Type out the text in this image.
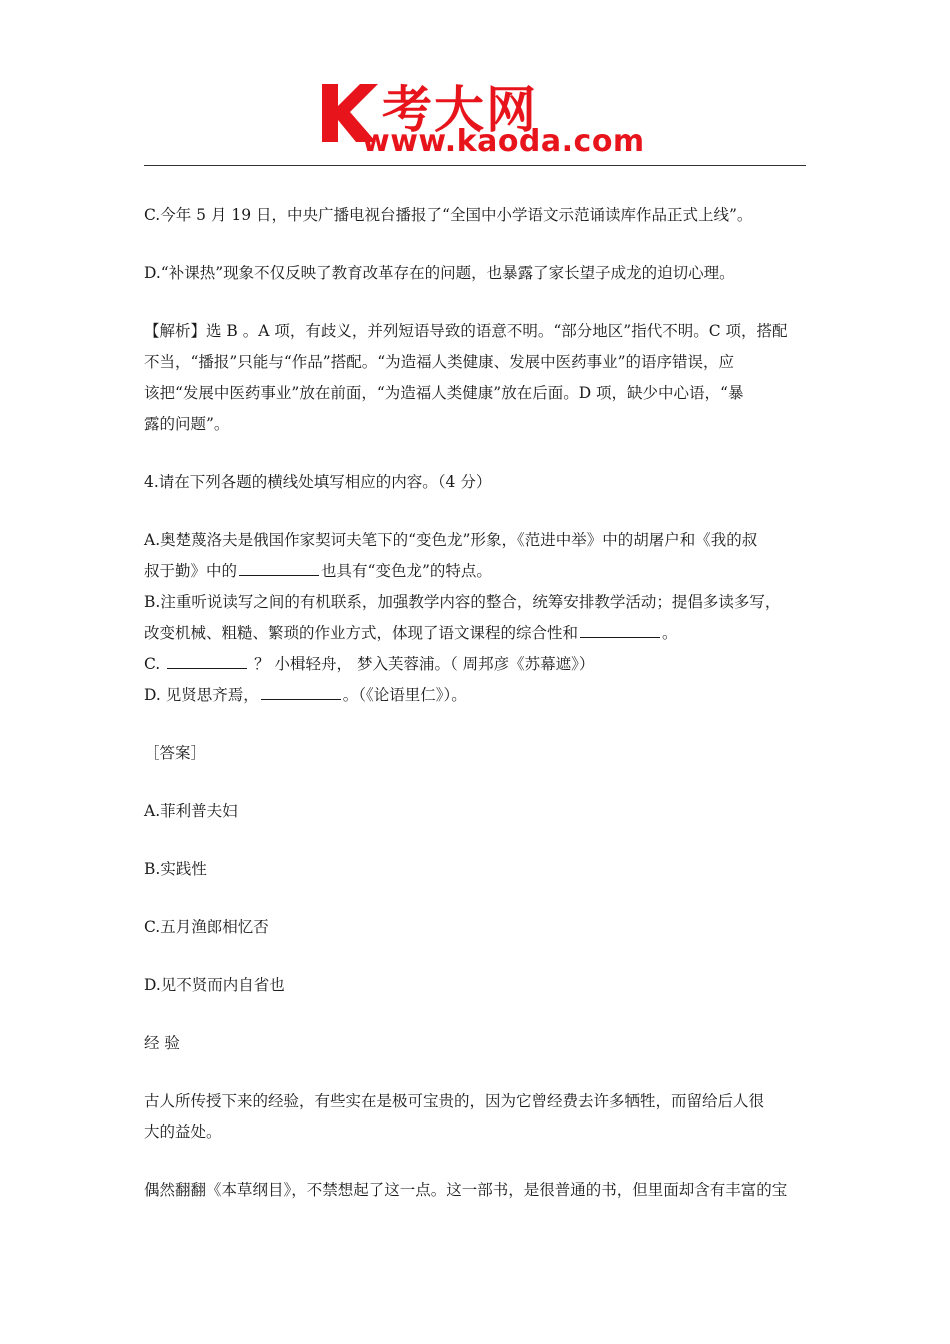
考大网
www.kaoda.com

C.今年 5 月 19 日，中央广播电视台播报了“全国中小学语文示范诵读库作品正式上线”。

D.“补课热”现象不仅反映了教育改革存在的问题，也暴露了家长望子成龙的迫切心理。

【解析】选 B 。A 项，有歧义，并列短语导致的语意不明。“部分地区”指代不明。C 项，搭配

不当，“播报”只能与“作品”搭配。“为造福人类健康、发展中医药事业”的语序错误，应

该把“发展中医药事业”放在前面，“为造福人类健康”放在后面。D 项，缺少中心语，“暴

露的问题”。

4.请在下列各题的横线处填写相应的内容。（4 分）

A.奥楚蔑洛夫是俄国作家契诃夫笔下的“变色龙”形象，《范进中举》中的胡屠户和《我的叔

叔于勤》中的	也具有“变色龙”的特点。

B.注重听说读写之间的有机联系，加强教学内容的整合，统筹安排教学活动；提倡多读多写，

改变机械、粗糙、繁琐的作业方式，体现了语文课程的综合性和	。

C.	？ 小楫轻舟， 梦入芙蓉浦。（ 周邦彦《苏幕遮》）

D. 见贤思齐焉，	。（《论语里仁》）。

［答案］

A.菲利普夫妇

B.实践性

C.五月渔郎相忆否

D.见不贤而内自省也

经 验

古人所传授下来的经验，有些实在是极可宝贵的，因为它曾经费去许多牺牲，而留给后人很

大的益处。

偶然翻翻《本草纲目》，不禁想起了这一点。这一部书，是很普通的书，但里面却含有丰富的宝
